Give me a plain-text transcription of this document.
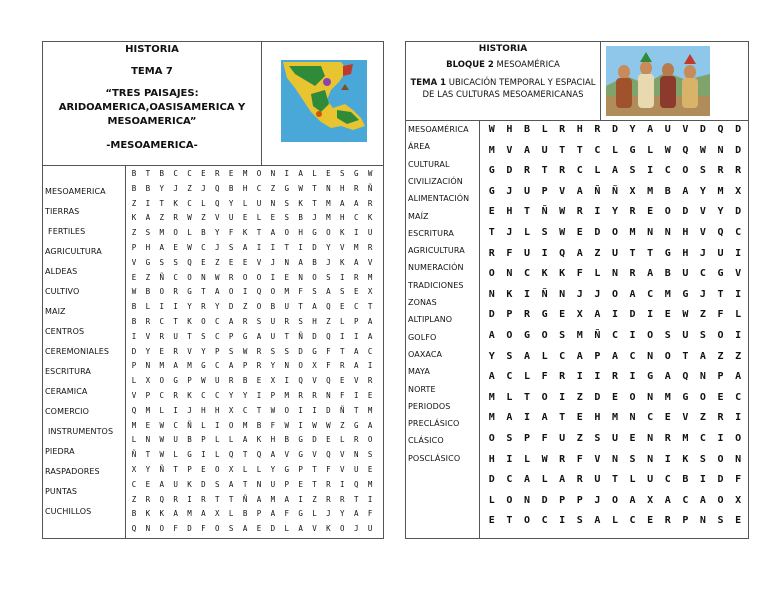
HISTORIA
TEMA 7
“TRES PAISAJES:
ARIDOAMERICA,OASISAMERICA Y
MESOAMERICA”
-MESOAMERICA-
MESOAMERICA
TIERRAS
FERTILES
AGRICULTURA
ALDEAS
CULTIVO
MAIZ
CENTROS
CEREMONIALES
ESCRITURA
CERAMICA
COMERCIO
INSTRUMENTOS
PIEDRA
RASPADORES
PUNTAS
CUCHILLOS
B T B C C E R E M O N I A L E S G W
B B Y J Z J Q B H C Z G W T N H R Ñ
Z I T K C L Q Y L U N S K T M A A R
K A Z R W Z V U E L E S B J M H C K
Z S M O L B Y F K T A O H G O K I U
P H A E W C J S A I I T I D Y V M R
V G S S Q E Z E E V J N A B J K A V
E Z Ñ C O N W R O O I E N O S I R M
W B O R G T A O I Q O M F S A S E X
B L I I Y R Y D Z O B U T A Q E C T
B R C T K O C A R S U R S H Z L P A
I V R U T S C P G A U T Ñ D Q I I A
D Y E R V Y P S W R S S D G F T A C
P N M A M G C A P R Y N O X F R A I
L X O G P W U R B E X I Q V Q E V R
V P C R K C C Y Y I P M R R N F I E
Q M L I J H H X C T W O I I D Ñ T M
M E W C Ñ L I O M B F W I W W Z G A
L N W U B P L L A K H B G D E L R O
Ñ T W L G I L Q T Q A V G V Q V N S
X Y Ñ T P E O X L L Y G P T F V U E
C E A U K D S A T N U P E T R I Q M
Z R Q R I R T T Ñ A M A I Z R R T I
B K K A M A X L B P A F G L J Y A F
Q N O F D F O S A E D L A V K O J U
HISTORIA
BLOQUE 2 MESOAMÉRICA
TEMA 1 UBICACIÓN TEMPORAL Y ESPACIAL
DE LAS CULTURAS MESOAMERICANAS
MESOAMÉRICA
ÁREA
CULTURAL
CIVILIZACIÓN
ALIMENTACIÓN
MAÍZ
ESCRITURA
AGRICULTURA
NUMERACIÓN
TRADICIONES
ZONAS
ALTIPLANO
GOLFO
OAXACA
MAYA
NORTE
PERIODOS
PRECLÁSICO
CLÁSICO
POSCLÁSICO
W H B L R H R D Y A U V D Q D
M V A U T T C L G L W Q W N D
G D R T R C L A S I C O S R R
G J U P V A Ñ Ñ X M B A Y M X
E H T Ñ W R I Y R E O D V Y D
T J L S W E D O M N N H V Q C
R F U I Q A Z U T T G H J U I
O N C K K F L N R A B U C G V
N K I Ñ N J J O A C M G J T I
D P R G E X A I D I E W Z F L
A O G O S M Ñ C I O S U S O I
Y S A L C A P A C N O T A Z Z
A C L F R I I R I G A Q N P A
M L T O I Z D E O N M G O E C
M A I A T E H M N C E V Z R I
O S P F U Z S U E N R M C I O
H I L W R F V N S N I K S O N
D C A L A R U T L U C B I D F
L O N D P P J O A X A C A O X
E T O C I S A L C E R P N S E
